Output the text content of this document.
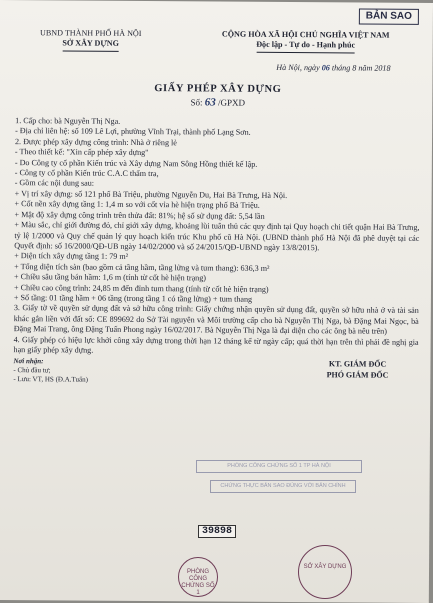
BẢN SAO
UBND THÀNH PHỐ HÀ NỘI
SỞ XÂY DỰNG
CỘNG HÒA XÃ HỘI CHỦ NGHĨA VIỆT NAM
Độc lập - Tự do - Hạnh phúc
Hà Nội, ngày 06 tháng 8 năm 2018
GIẤY PHÉP XÂY DỰNG
Số: 63 /GPXD

1. Cấp cho: bà Nguyễn Thị Nga.

- Địa chỉ liên hệ: số 109 Lê Lợi, phường Vĩnh Trại, thành phố Lạng Sơn.

2. Được phép xây dựng công trình: Nhà ở riêng lẻ

- Theo thiết kế: "Xin cấp phép xây dựng"

- Do Công ty cổ phần Kiến trúc và Xây dựng Nam Sông Hồng thiết kế lập.

- Công ty cổ phần Kiến trúc C.A.C thẩm tra,

- Gồm các nội dung sau:

+ Vị trí xây dựng: số 121 phố Bà Triệu, phường Nguyễn Du, Hai Bà Trưng, Hà Nội.

+ Cốt nền xây dựng tầng 1: 1,4 m so với cốt vỉa hè hiện trạng phố Bà Triệu.

+ Mật độ xây dựng công trình trên thửa đất: 81%; hệ số sử dụng đất: 5,54 lần

+ Màu sắc, chỉ giới đường đỏ, chỉ giới xây dựng, khoảng lùi tuân thủ các quy định tại Quy hoạch chi tiết quận Hai Bà Trưng, tỷ lệ 1/2000 và Quy chế quản lý quy hoạch kiến trúc Khu phố cũ Hà Nội. (UBND thành phố Hà Nội đã phê duyệt tại các Quyết định: số 16/2000/QĐ-UB ngày 14/02/2000 và số 24/2015/QĐ-UBND ngày 13/8/2015).

+ Diện tích xây dựng tầng 1: 79 m²

+ Tổng diện tích sàn (bao gồm cả tầng hầm, tầng lửng và tum thang): 636,3 m²

+ Chiều sâu tầng bán hầm: 1,6 m (tính từ cốt hè hiện trạng)

+ Chiều cao công trình: 24,85 m đến đỉnh tum thang (tính từ cốt hè hiện trạng)

+ Số tầng: 01 tầng hầm + 06 tầng (trong tầng 1 có tầng lửng) + tum thang

3. Giấy tờ về quyền sử dụng đất và sở hữu công trình: Giấy chứng nhận quyền sử dụng đất, quyền sở hữu nhà ở và tài sản khác gắn liền với đất số: CE 899692 do Sở Tài nguyên và Môi trường cấp cho bà Nguyễn Thị Nga, bà Đặng Mai Ngọc, bà Đặng Mai Trang, ông Đặng Tuấn Phong ngày 16/02/2017. Bà Nguyễn Thị Nga là đại diện cho các ông bà nêu trên)

4. Giấy phép có hiệu lực khởi công xây dựng trong thời hạn 12 tháng kể từ ngày cấp; quá thời hạn trên thì phải đề nghị gia hạn giấy phép xây dựng.

Nơi nhận:
- Chủ đầu tư;
- Lưu: VT, HS (Đ.A.Tuấn)
KT. GIÁM ĐỐC
PHÓ GIÁM ĐỐC
PHÒNG CÔNG CHỨNG SỐ 1 TP HÀ NỘI
CHỨNG THỰC BẢN SAO ĐÚNG VỚI BẢN CHÍNH
39898
PHÒNG CÔNG CHỨNG SỐ 1
SỞ XÂY DỰNG
